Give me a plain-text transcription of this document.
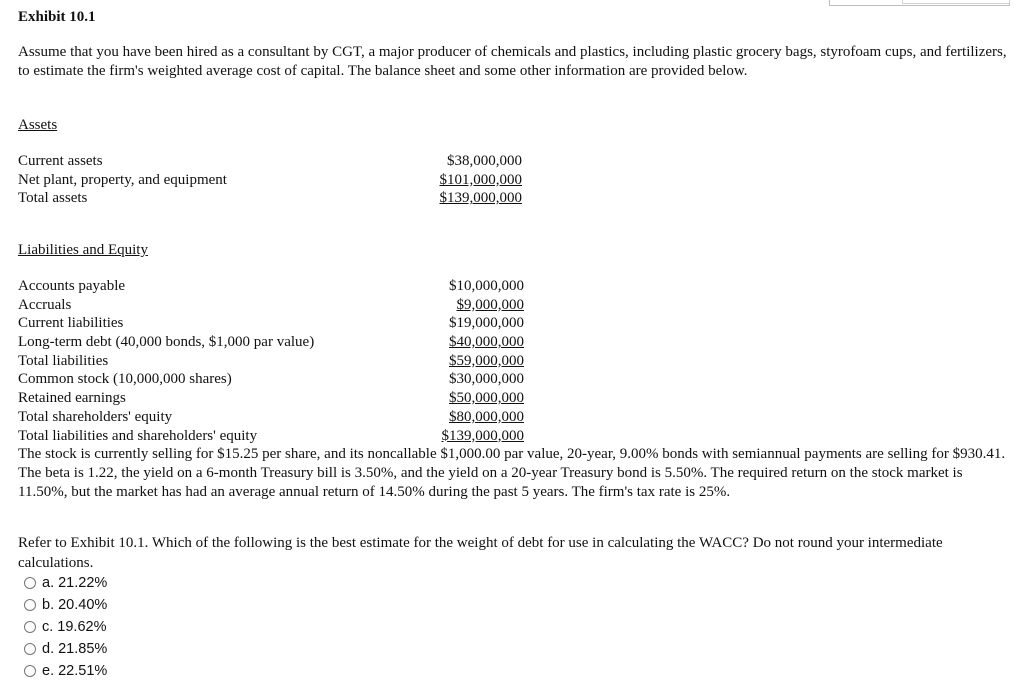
Exhibit 10.1
Assume that you have been hired as a consultant by CGT, a major producer of chemicals and plastics, including plastic grocery bags, styrofoam cups, and fertilizers, to estimate the firm's weighted average cost of capital. The balance sheet and some other information are provided below.
Assets
Current assets	$38,000,000
Net plant, property, and equipment	$101,000,000
Total assets	$139,000,000
Liabilities and Equity
Accounts payable	$10,000,000
Accruals	$9,000,000
Current liabilities	$19,000,000
Long-term debt (40,000 bonds, $1,000 par value)	$40,000,000
Total liabilities	$59,000,000
Common stock (10,000,000 shares)	$30,000,000
Retained earnings	$50,000,000
Total shareholders' equity	$80,000,000
Total liabilities and shareholders' equity	$139,000,000
The stock is currently selling for $15.25 per share, and its noncallable $1,000.00 par value, 20-year, 9.00% bonds with semiannual payments are selling for $930.41. The beta is 1.22, the yield on a 6-month Treasury bill is 3.50%, and the yield on a 20-year Treasury bond is 5.50%. The required return on the stock market is 11.50%, but the market has had an average annual return of 14.50% during the past 5 years. The firm's tax rate is 25%.
Refer to Exhibit 10.1. Which of the following is the best estimate for the weight of debt for use in calculating the WACC? Do not round your intermediate calculations.
a. 21.22%
b. 20.40%
c. 19.62%
d. 21.85%
e. 22.51%
